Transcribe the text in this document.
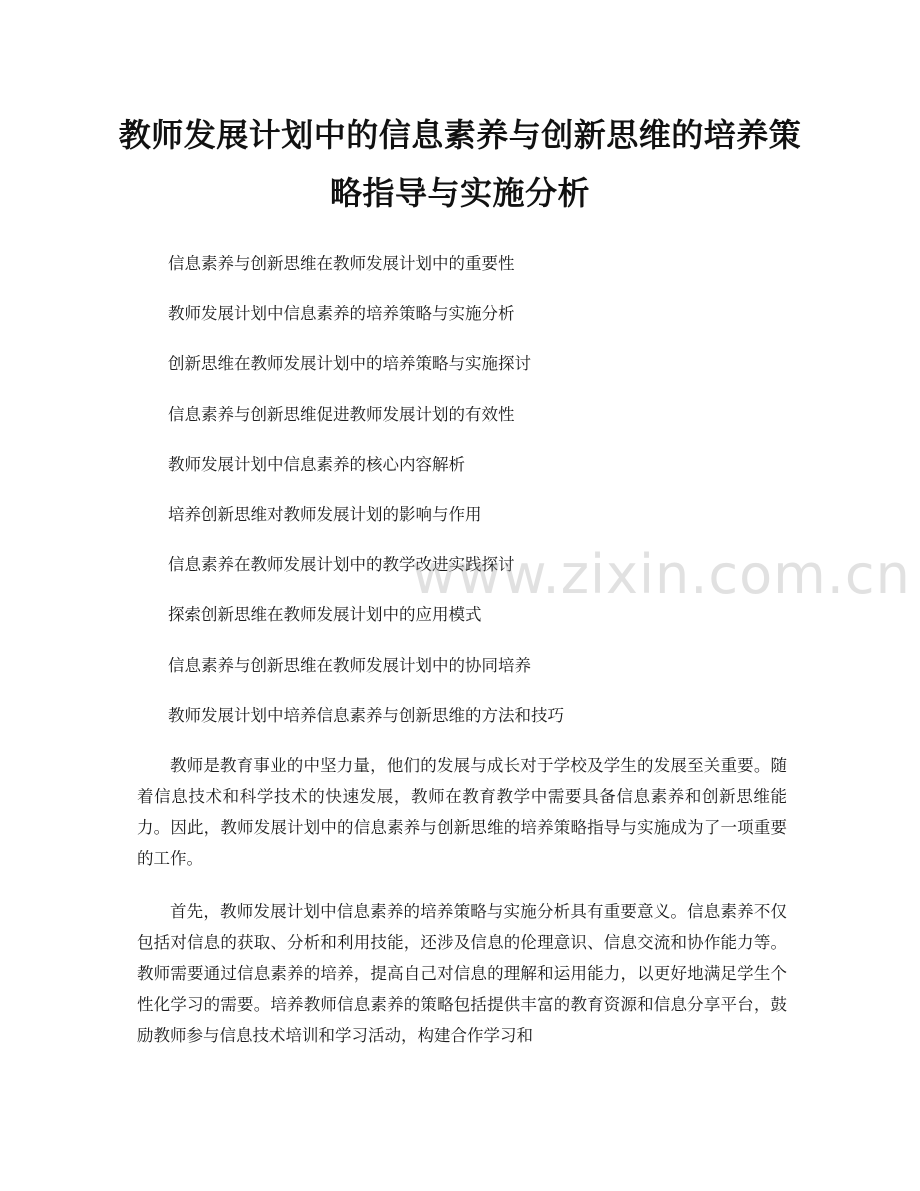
教师发展计划中的信息素养与创新思维的培养策略指导与实施分析
信息素养与创新思维在教师发展计划中的重要性
教师发展计划中信息素养的培养策略与实施分析
创新思维在教师发展计划中的培养策略与实施探讨
信息素养与创新思维促进教师发展计划的有效性
教师发展计划中信息素养的核心内容解析
培养创新思维对教师发展计划的影响与作用
信息素养在教师发展计划中的教学改进实践探讨
探索创新思维在教师发展计划中的应用模式
信息素养与创新思维在教师发展计划中的协同培养
教师发展计划中培养信息素养与创新思维的方法和技巧

教师是教育事业的中坚力量，他们的发展与成长对于学校及学生的发展至关重要。随着信息技术和科学技术的快速发展，教师在教育教学中需要具备信息素养和创新思维能力。因此，教师发展计划中的信息素养与创新思维的培养策略指导与实施成为了一项重要的工作。

首先，教师发展计划中信息素养的培养策略与实施分析具有重要意义。信息素养不仅包括对信息的获取、分析和利用技能，还涉及信息的伦理意识、信息交流和协作能力等。教师需要通过信息素养的培养，提高自己对信息的理解和运用能力，以更好地满足学生个性化学习的需要。培养教师信息素养的策略包括提供丰富的教育资源和信息分享平台，鼓励教师参与信息技术培训和学习活动，构建合作学习和

www.zixin.com.cn
